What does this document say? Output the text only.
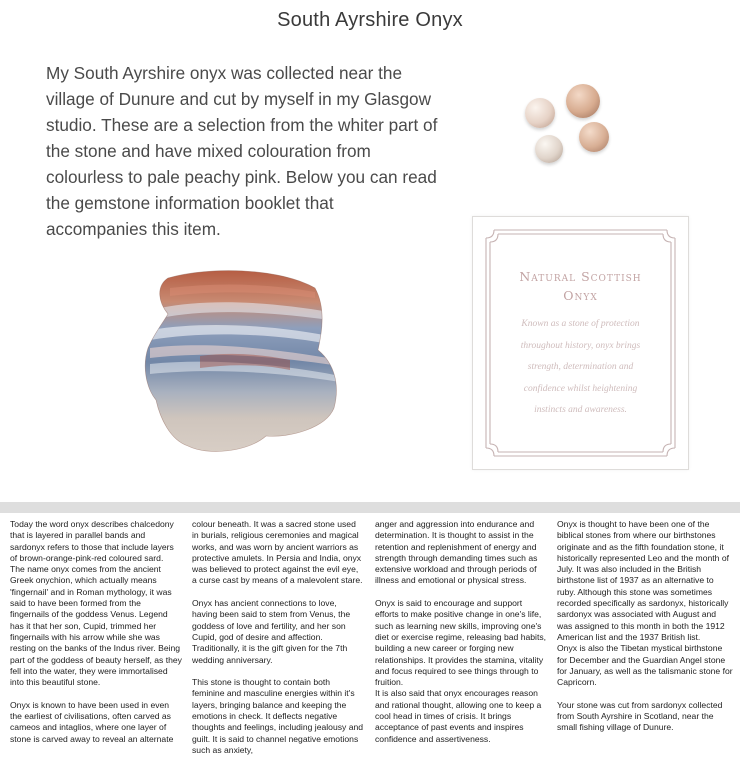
South Ayrshire Onyx
My South Ayrshire onyx was collected near the village of Dunure and cut by myself in my Glasgow studio. These are a selection from the whiter part of the stone and have mixed colouration from colourless to pale peachy pink. Below you can read the gemstone information booklet that accompanies this item.
Natural Scottish
Onyx
Known as a stone of protection throughout history, onyx brings strength, determination and confidence whilst heightening instincts and awareness.
Today the word onyx describes chalcedony that is layered in parallel bands and sardonyx refers to those that include layers of brown-orange-pink-red coloured sard.

The name onyx comes from the ancient Greek onychion, which actually means 'fingernail' and in Roman mythology, it was said to have been formed from the fingernails of the goddess Venus. Legend has it that her son, Cupid, trimmed her fingernails with his arrow while she was resting on the banks of the Indus river. Being part of the goddess of beauty herself, as they fell into the water, they were immortalised into this beautiful stone.

Onyx is known to have been used in even the earliest of civilisations, often carved as cameos and intaglios, where one layer of stone is carved away to reveal an alternate

colour beneath. It was a sacred stone used in burials, religious ceremonies and magical works, and was worn by ancient warriors as protective amulets. In Persia and India, onyx was believed to protect against the evil eye, a curse cast by means of a malevolent stare.

Onyx has ancient connections to love, having been said to stem from Venus, the goddess of love and fertility, and her son Cupid, god of desire and affection. Traditionally, it is the gift given for the 7th wedding anniversary.

This stone is thought to contain both feminine and masculine energies within it's layers, bringing balance and keeping the emotions in check. It deflects negative thoughts and feelings, including jealousy and guilt. It is said to channel negative emotions such as anxiety,

anger and aggression into endurance and determination. It is thought to assist in the retention and replenishment of energy and strength through demanding times such as extensive workload and through periods of illness and emotional or physical stress.

Onyx is said to encourage and support efforts to make positive change in one's life, such as learning new skills, improving one's diet or exercise regime, releasing bad habits, building a new career or forging new relationships. It provides the stamina, vitality and focus required to see things through to fruition.

It is also said that onyx encourages reason and rational thought, allowing one to keep a cool head in times of crisis. It brings acceptance of past events and inspires confidence and assertiveness.

Onyx is thought to have been one of the biblical stones from where our birthstones originate and as the fifth foundation stone, it historically represented Leo and the month of July. It was also included in the British birthstone list of 1937 as an alternative to ruby. Although this stone was sometimes recorded specifically as sardonyx, historically sardonyx was associated with August and was assigned to this month in both the 1912 American list and the 1937 British list.

Onyx is also the Tibetan mystical birthstone for December and the Guardian Angel stone for January, as well as the talismanic stone for Capricorn.

Your stone was cut from sardonyx collected from South Ayrshire in Scotland, near the small fishing village of Dunure.
